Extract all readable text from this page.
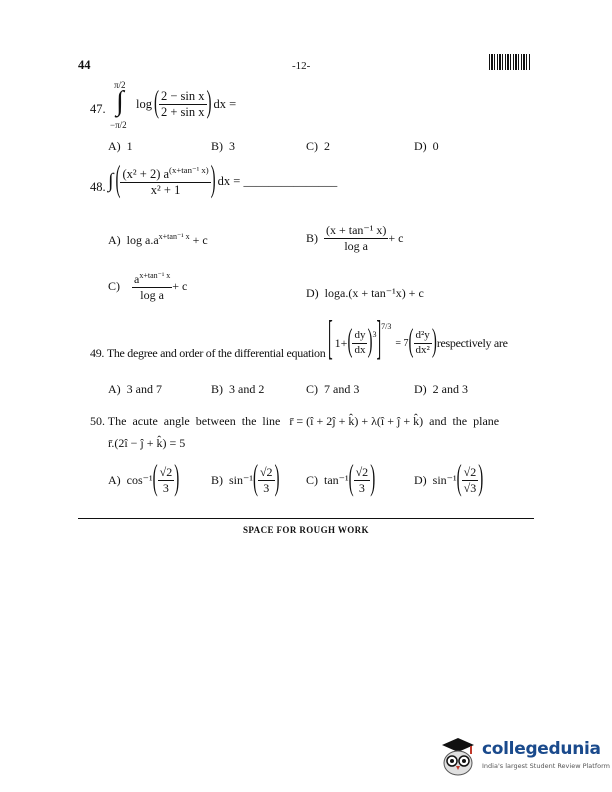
44	-12-
47.
π/2
∫
−π/2
log ( $\frac{\text{2 − sin x}}{\text{2 + sin x}}$ ) dx =
A) 1	B) 3	C) 2	D) 0
48. ∫ ( $\frac{(x^2 + 2) a^{(x+tan^{-1} x)}}{\text{x² + 1}}$ ) dx = _______________
A) $\log a.a^{x+tan^{-1} x} + c$	B)
$\frac{\text{(x + tan⁻¹ x)}}{\text{log a}} + c$
C)
$\frac{a^{x+tan^{-1} x}}{\text{log a}} + c$	D) loga.(x + tan⁻¹x) + c
49. The degree and order of the differential equation [ 1+ ( $\frac{dy}{dx} )^3$ ]$^{7/3}$
= 7 ( $\frac{\text{d²y}}{\text{dx²}}$ ) respectively are
A) 3 and 7	B) 3 and 2	C) 7 and 3	D) 2 and 3
50. The  acute  angle  between  the  line   r̄ = (î + 2ĵ + k̂) + λ(î + ĵ + k̂)  and  the  plane
r̄.(2î − ĵ + k̂) = 5
A)
cos⁻¹ ( $\frac{√2}{3}$ )	B)
sin⁻¹ ( $\frac{√2}{3}$ ) C)
tan⁻¹ ( $\frac{√2}{3}$ )	D)
sin⁻¹ ( $\frac{√2}{√3}$ )
SPACE FOR ROUGH WORK
collegedunia
India's largest Student Review Platform
